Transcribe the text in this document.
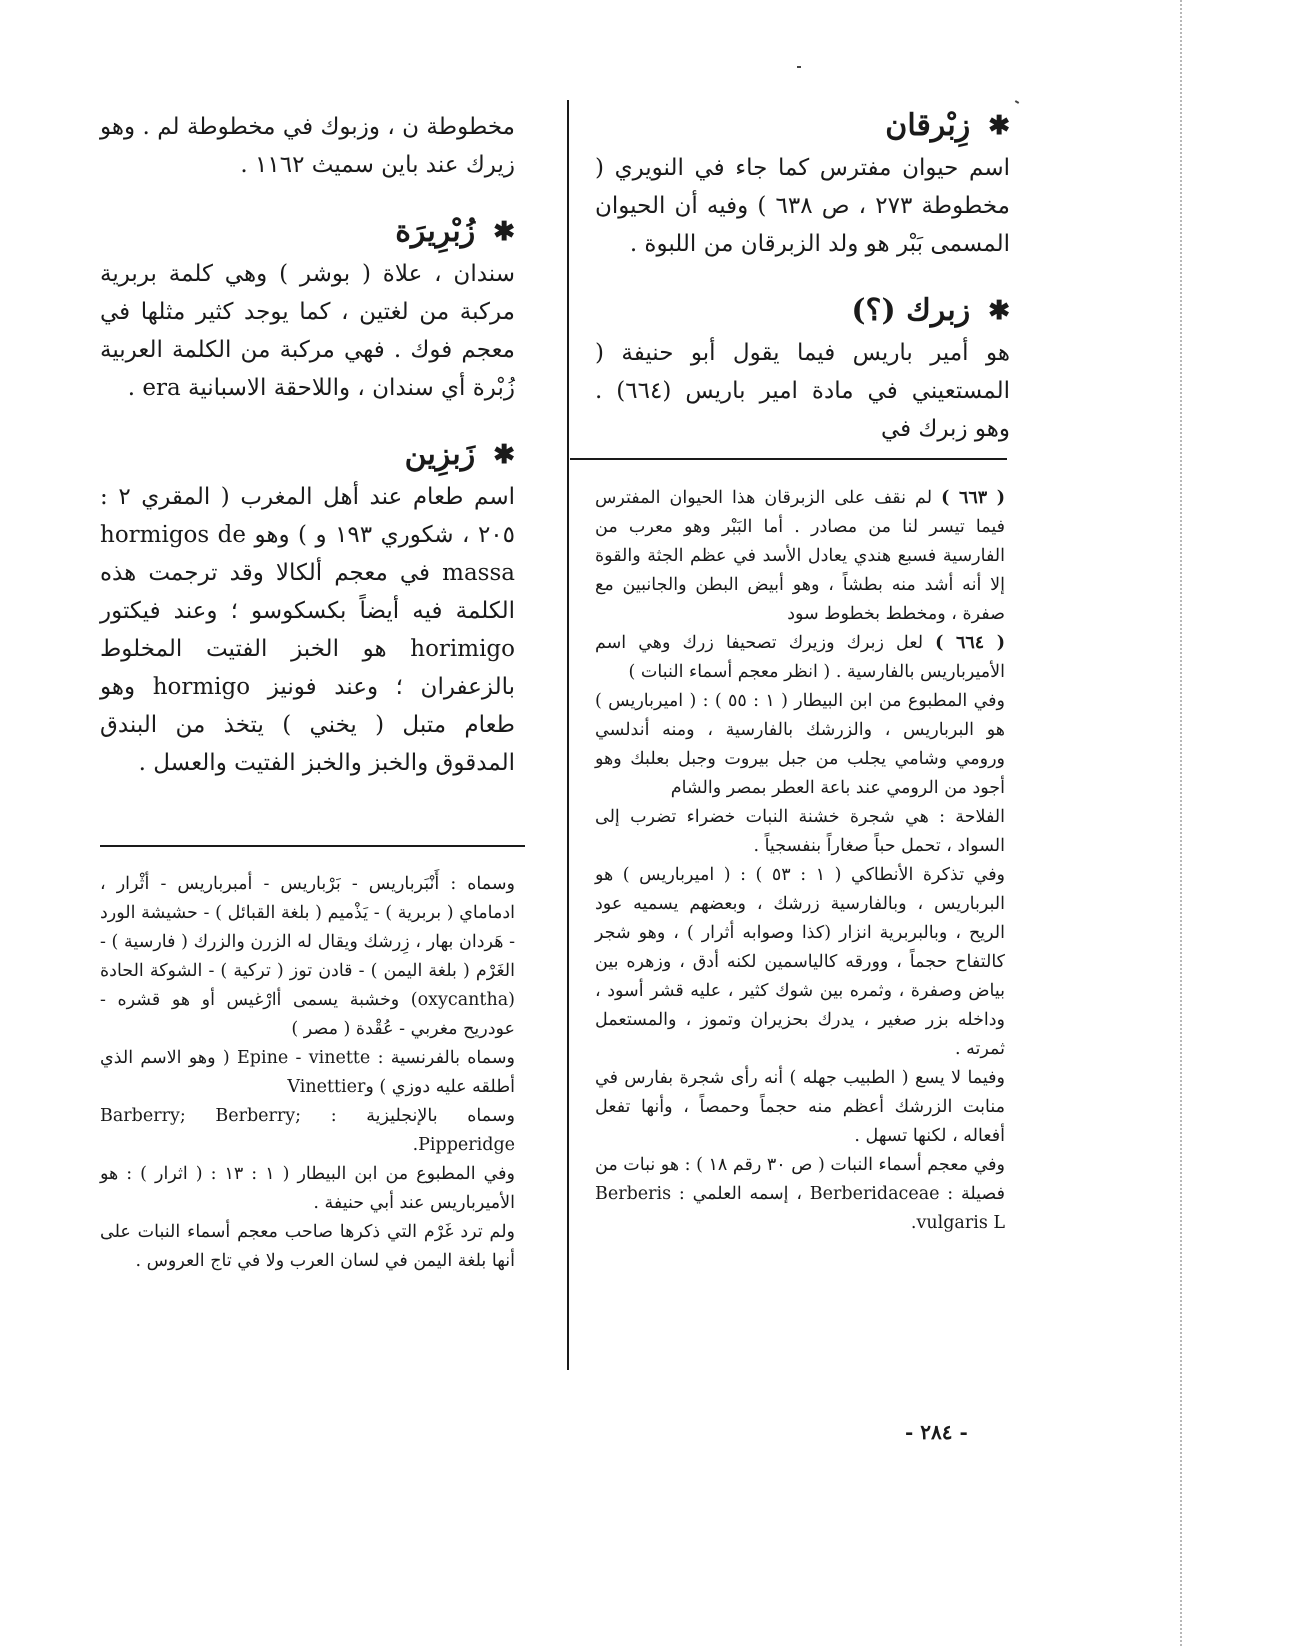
✱
زِبْرقان
اسم حيوان مفترس كما جاء في النويري ( مخطوطة ٢٧٣ ، ص ٦٣٨ ) وفيه أن الحيوان المسمى بَبْر هو ولد الزبرقان من اللبوة .
✱
زبرك (؟)
هو أمير باريس فيما يقول أبو حنيفة ( المستعيني في مادة امير باريس (٦٦٤) . وهو زبرك في
( ٦٦٣ ) لم نقف على الزبرقان هذا الحيوان المفترس فيما تيسر لنا من مصادر . أما البَبْر وهو معرب من الفارسية فسبع هندي يعادل الأسد في عظم الجثة والقوة إلا أنه أشد منه بطشاً ، وهو أبيض البطن والجانبين مع صفرة ، ومخطط بخطوط سود
( ٦٦٤ ) لعل زبرك وزيرك تصحيفا زرك وهي اسم الأميرباريس بالفارسية . ( انظر معجم أسماء النبات )
وفي المطبوع من ابن البيطار ( ١ : ٥٥ ) : ( اميرباريس ) هو البرباريس ، والزرشك بالفارسية ، ومنه أندلسي ورومي وشامي يجلب من جبل بيروت وجبل بعلبك وهو أجود من الرومي عند باعة العطر بمصر والشام
الفلاحة : هي شجرة خشنة النبات خضراء تضرب إلى السواد ، تحمل حباً صغاراً بنفسجياً .
وفي تذكرة الأنطاكي ( ١ : ٥٣ ) : ( اميرباريس ) هو البرباريس ، وبالفارسية زرشك ، وبعضهم يسميه عود الريح ، وبالبربرية انزار (كذا وصوابه أثرار ) ، وهو شجر كالتفاح حجماً ، وورقه كالياسمين لكنه أدق ، وزهره بين بياض وصفرة ، وثمره بين شوك كثير ، عليه قشر أسود ، وداخله بزر صغير ، يدرك بحزيران وتموز ، والمستعمل ثمرته .
وفيما لا يسع ( الطبيب جهله ) أنه رأى شجرة بفارس في منابت الزرشك أعظم منه حجماً وحمصاً ، وأنها تفعل أفعاله ، لكنها تسهل .
وفي معجم أسماء النبات ( ص ٣٠ رقم ١٨ ) : هو نبات من فصيلة : Berberidaceae ، إسمه العلمي : Berberis vulgaris L.
مخطوطة ن ، وزبوك في مخطوطة لم . وهو زيرك عند باين سميث ١١٦٢ .
✱
زُبْرِيرَة
سندان ، علاة ( بوشر ) وهي كلمة بربرية مركبة من لغتين ، كما يوجد كثير مثلها في معجم فوك . فهي مركبة من الكلمة العربية زُبْرة أي سندان ، واللاحقة الاسبانية era .
✱
زَبزِين
اسم طعام عند أهل المغرب ( المقري ٢ : ٢٠٥ ، شكوري ١٩٣ و ) وهو hormigos de massa في معجم ألكالا وقد ترجمت هذه الكلمة فيه أيضاً بكسكوسو ؛ وعند فيكتور horimigo هو الخبز الفتيت المخلوط بالزعفران ؛ وعند فونيز hormigo وهو طعام متبل ( يخني ) يتخذ من البندق المدقوق والخبز والخبز الفتيت والعسل .
وسماه : أَنْبَرباريس - بَرْباريس - أمبرباريس - أثْرار ، ادماماي ( بربرية ) - يَذْميم ( بلغة القبائل ) - حشيشة الورد - هَردان بهار ، زِرشك ويقال له الزرن والزرك ( فارسية ) - الغَرْم ( بلغة اليمن ) - قادن توز ( تركية ) - الشوكة الحادة (oxycantha) وخشبة يسمى أارْغيس أو هو قشره - عودريح مغربي - عُقْدة ( مصر )
وسماه بالفرنسية : Epine - vinette ( وهو الاسم الذي أطلقه عليه دوزي ) وVinettier
وسماه بالإنجليزية : Barberry; Berberry; Pipperidge.
وفي المطبوع من ابن البيطار ( ١ : ١٣ : ( اثرار ) : هو الأميرباريس عند أبي حنيفة .
ولم ترد غَرْم التي ذكرها صاحب معجم أسماء النبات على أنها بلغة اليمن في لسان العرب ولا في تاج العروس .
- ٢٨٤ -
